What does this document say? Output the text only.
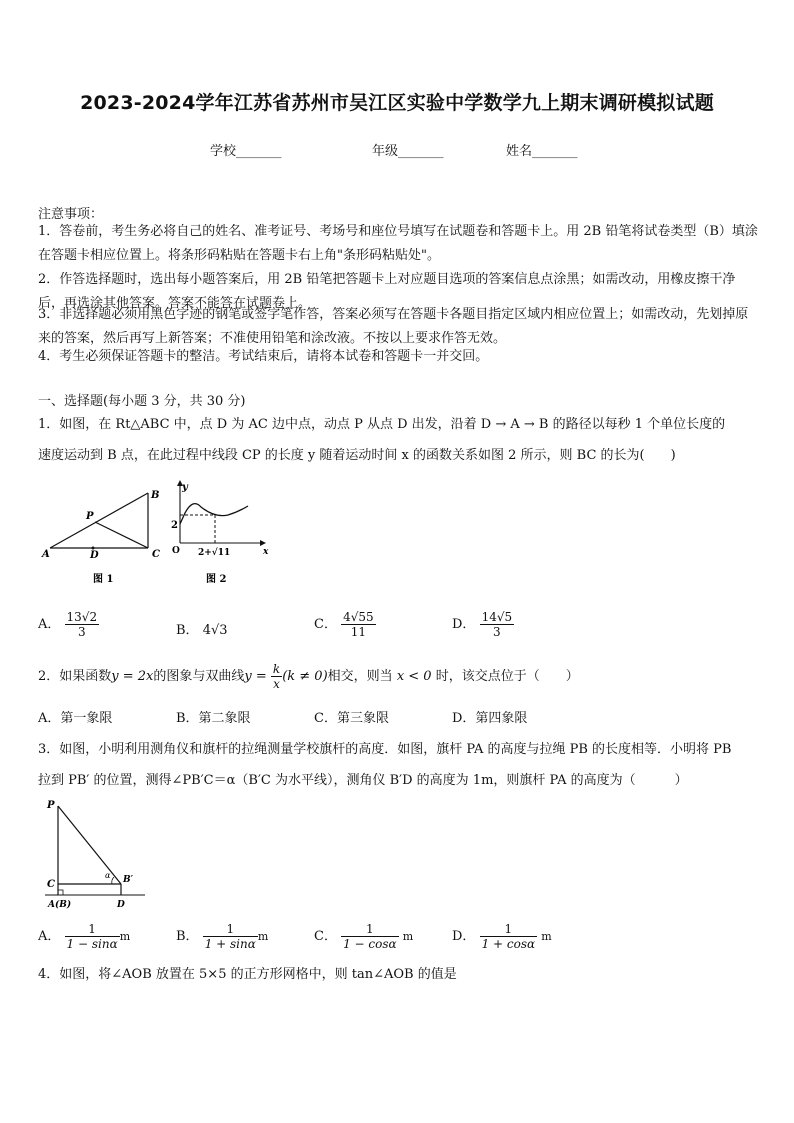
2023-2024学年江苏省苏州市吴江区实验中学数学九上期末调研模拟试题
学校_______	年级_______	姓名_______
注意事项：
1．答卷前，考生务必将自己的姓名、准考证号、考场号和座位号填写在试题卷和答题卡上。用 2B 铅笔将试卷类型（B）填涂在答题卡相应位置上。将条形码粘贴在答题卡右上角"条形码粘贴处"。
2．作答选择题时，选出每小题答案后，用 2B 铅笔把答题卡上对应题目选项的答案信息点涂黑；如需改动，用橡皮擦干净后，再选涂其他答案。答案不能答在试题卷上。
3．非选择题必须用黑色字迹的钢笔或签字笔作答，答案必须写在答题卡各题目指定区域内相应位置上；如需改动，先划掉原来的答案，然后再写上新答案；不准使用铅笔和涂改液。不按以上要求作答无效。
4．考生必须保证答题卡的整洁。考试结束后，请将本试卷和答题卡一并交回。
一、选择题(每小题 3 分，共 30 分)
1．如图，在 Rt△ABC 中，点 D 为 AC 边中点，动点 P 从点 D 出发，沿着 D → A → B 的路径以每秒 1 个单位长度的
速度运动到 B 点，在此过程中线段 CP 的长度 y 随着运动时间 x 的函数关系如图 2 所示，则 BC 的长为(　　)
A
B
C
D
P
图 1
y
x
O
2
2+√11
图 2
A． $\frac{13√2}{3}$	B． 4√3	C． $\frac{4√55}{11}$	D． $\frac{14√5}{3}$
2．如果函数y = 2x的图象与双曲线$y = \frac{k}{x} (k \ne 0)$相交，则当 x < 0 时，该交点位于（　　）
A．第一象限	B．第二象限	C．第三象限	D．第四象限
3．如图，小明利用测角仪和旗杆的拉绳测量学校旗杆的高度．如图，旗杆 PA 的高度与拉绳 PB 的长度相等．小明将 PB
拉到 PB′ 的位置，测得∠PB′C＝α（B′C 为水平线），测角仪 B′D 的高度为 1m，则旗杆 PA 的高度为（　　　）
P
C	B′
A(B)	D
α
A． $\frac{1}{1 - \sin\alpha}$ m	B． $\frac{1}{1 + \sin\alpha}$ m	C． $\frac{1}{1 - \cos\alpha}$ m	D． $\frac{1}{1 + \cos\alpha}$ m
4．如图，将∠AOB 放置在 5×5 的正方形网格中，则 tan∠AOB 的值是
